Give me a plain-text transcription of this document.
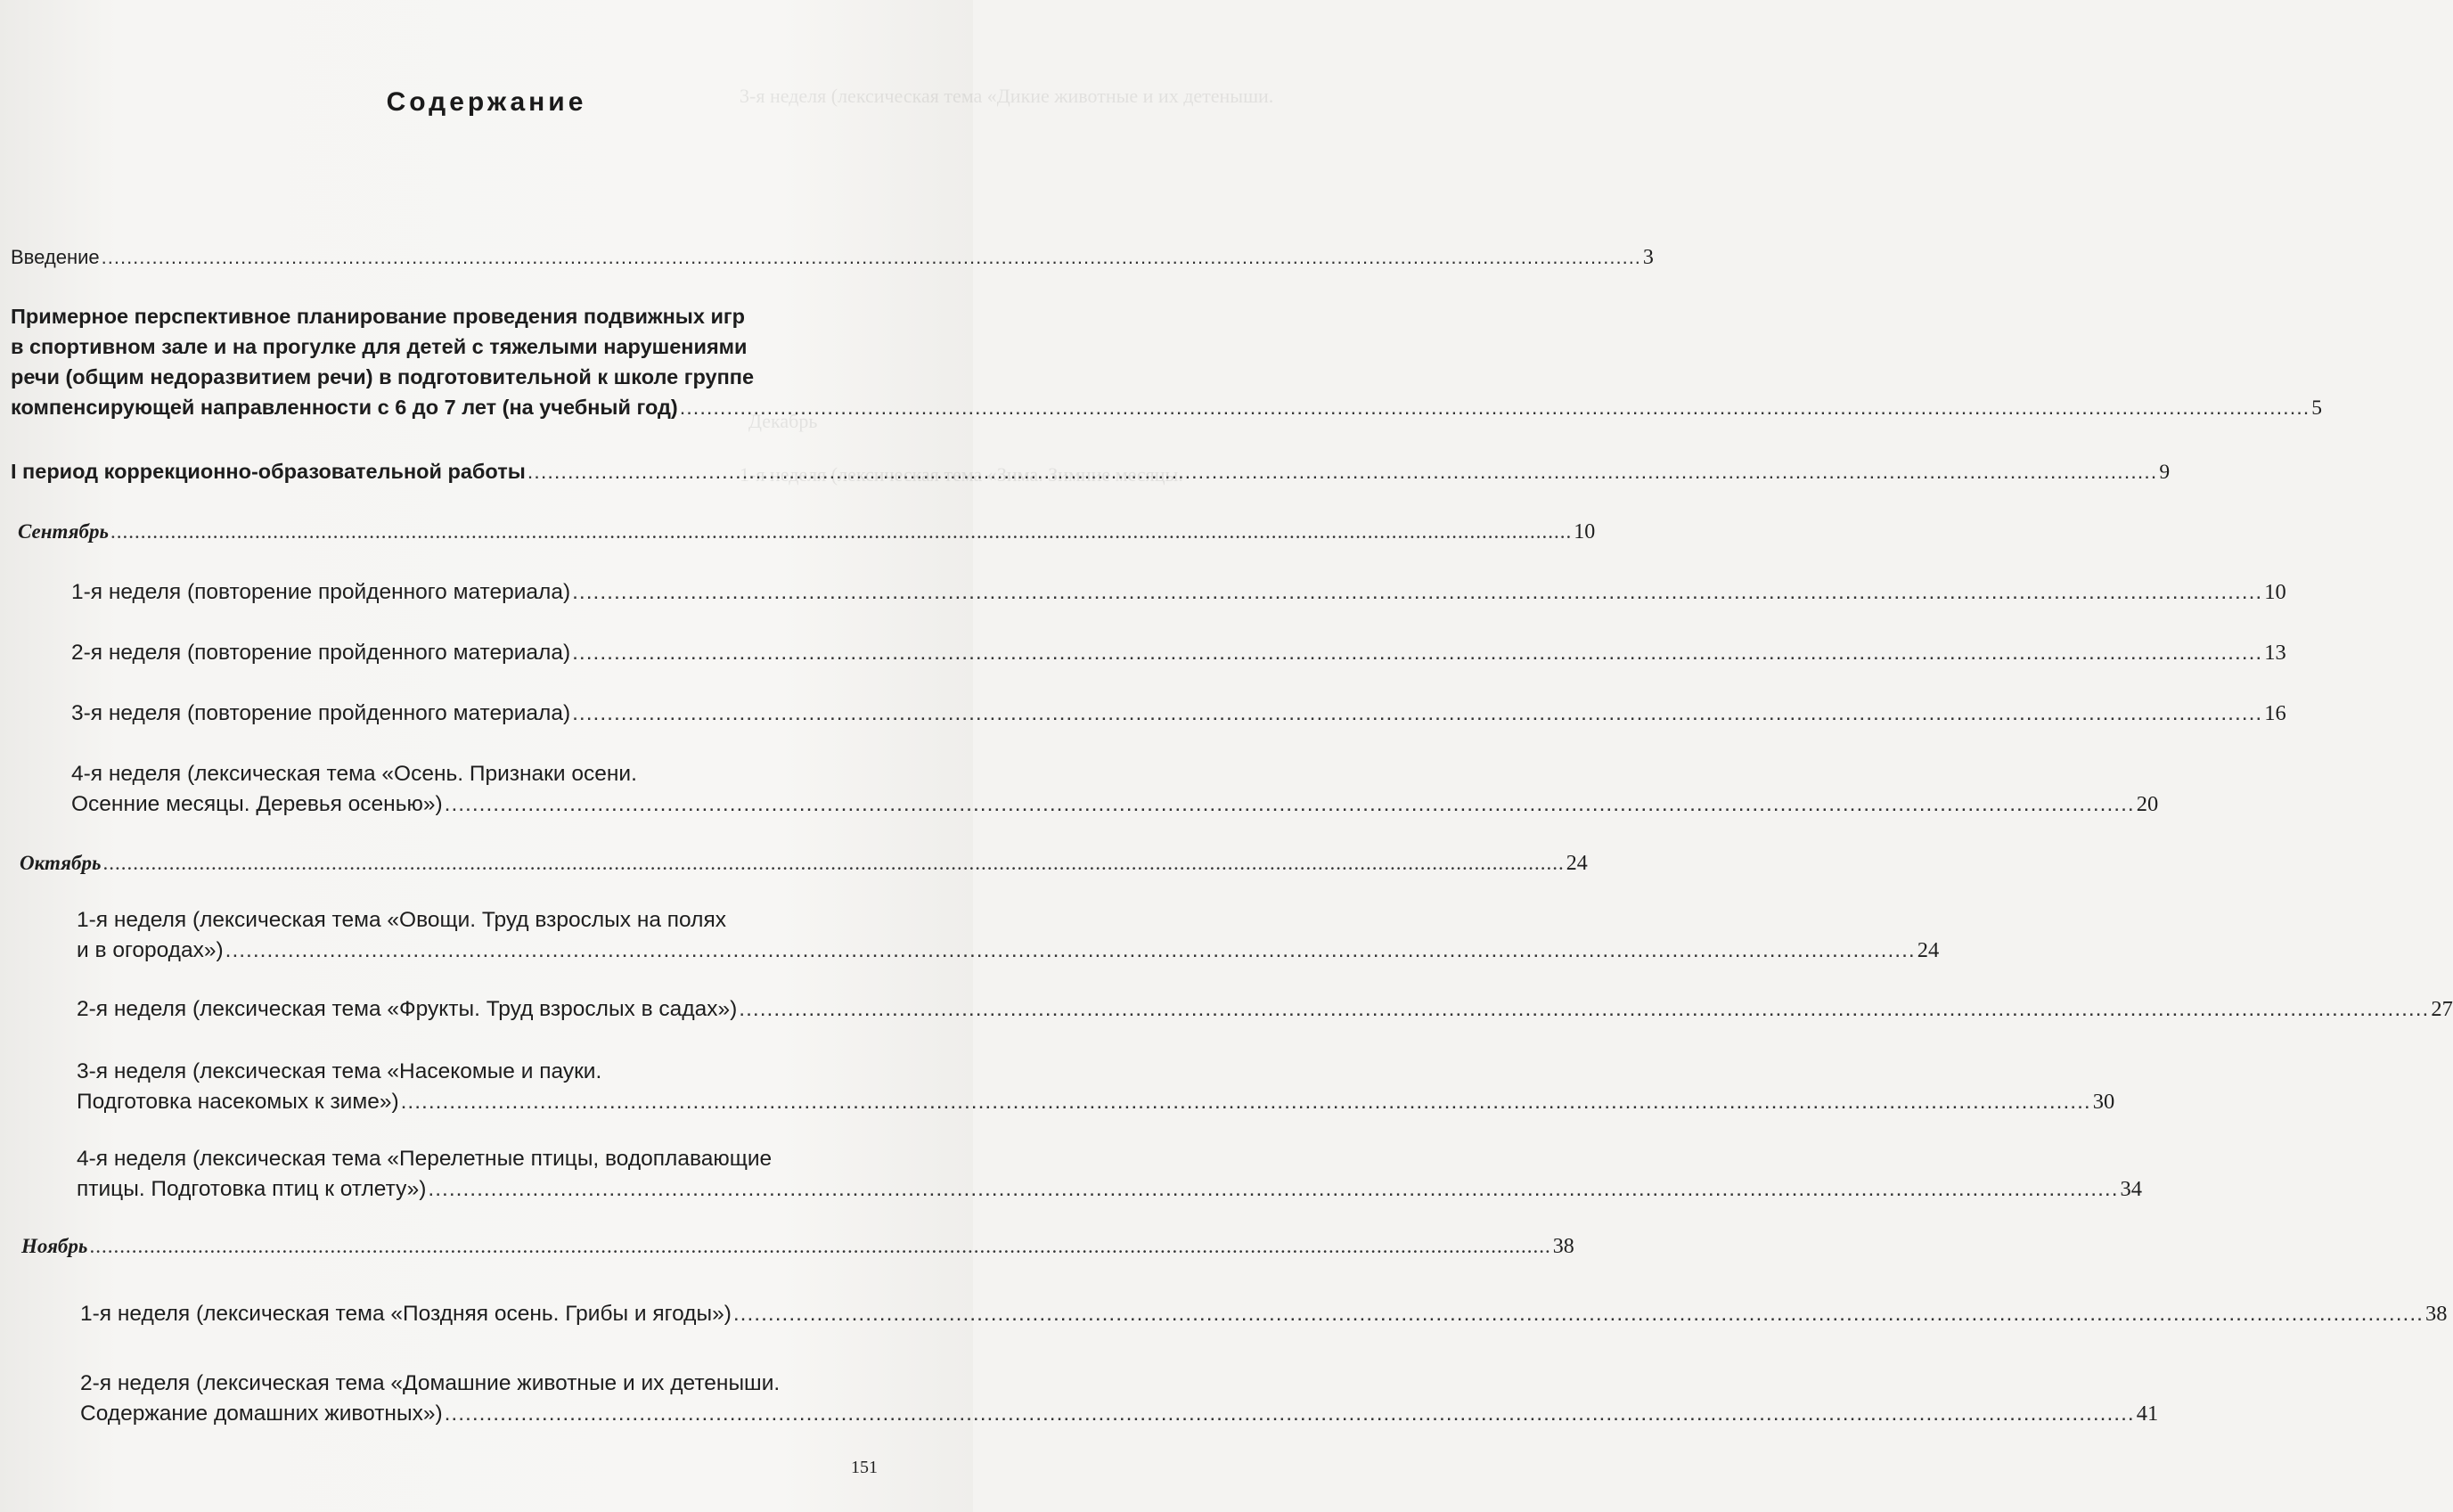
3-я неделя (лексическая тема «Дикие животные и их детеныши.
Декабрь
1-я неделя (лексическая тема «Зима. Зимние месяцы.
Содержание
Введение .....	3
Примерное перспективное планирование проведения подвижных игр
в спортивном зале и на прогулке для детей с тяжелыми нарушениями
речи (общим недоразвитием речи) в подготовительной к школе группе
компенсирующей направленности с 6 до 7 лет (на учебный год) .....	5
I период коррекционно-образовательной работы .....	9
Сентябрь .....	10
1-я неделя (повторение пройденного материала) .....	10
2-я неделя (повторение пройденного материала) .....	13
3-я неделя (повторение пройденного материала) .....	16
4-я неделя (лексическая тема «Осень. Признаки осени.
Осенние месяцы. Деревья осенью») .....	20
Октябрь .....	24
1-я неделя (лексическая тема «Овощи. Труд взрослых на полях
и в огородах») .....	24
2-я неделя (лексическая тема «Фрукты. Труд взрослых в садах») .....	27
3-я неделя (лексическая тема «Насекомые и пауки.
Подготовка насекомых к зиме») .....	30
4-я неделя (лексическая тема «Перелетные птицы, водоплавающие
птицы. Подготовка птиц к отлету») .....	34
Ноябрь .....	38
1-я неделя (лексическая тема «Поздняя осень. Грибы и ягоды») .....	38
2-я неделя (лексическая тема «Домашние животные и их детеныши.
Содержание домашних животных») .....	41
151
